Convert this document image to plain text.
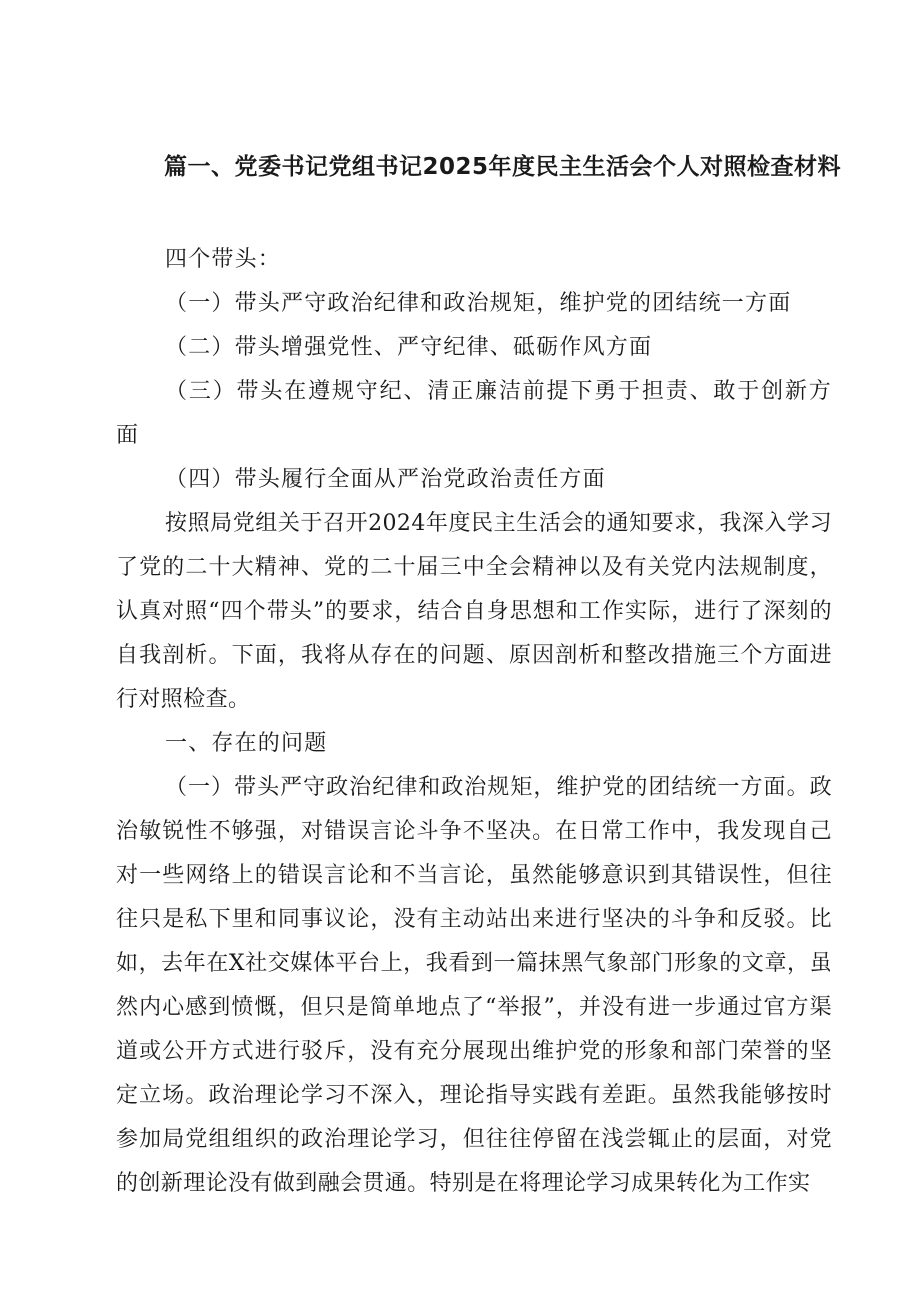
篇一、党委书记党组书记2025年度民主生活会个人对照检查材料

四个带头：

（一）带头严守政治纪律和政治规矩，维护党的团结统一方面

（二）带头增强党性、严守纪律、砥砺作风方面

（三）带头在遵规守纪、清正廉洁前提下勇于担责、敢于创新方面

（四）带头履行全面从严治党政治责任方面

按照局党组关于召开2024年度民主生活会的通知要求，我深入学习了党的二十大精神、党的二十届三中全会精神以及有关党内法规制度，认真对照“四个带头”的要求，结合自身思想和工作实际，进行了深刻的自我剖析。下面，我将从存在的问题、原因剖析和整改措施三个方面进行对照检查。

一、存在的问题

（一）带头严守政治纪律和政治规矩，维护党的团结统一方面。政治敏锐性不够强，对错误言论斗争不坚决。在日常工作中，我发现自己对一些网络上的错误言论和不当言论，虽然能够意识到其错误性，但往往只是私下里和同事议论，没有主动站出来进行坚决的斗争和反驳。比如，去年在X社交媒体平台上，我看到一篇抹黑气象部门形象的文章，虽然内心感到愤慨，但只是简单地点了“举报”，并没有进一步通过官方渠道或公开方式进行驳斥，没有充分展现出维护党的形象和部门荣誉的坚定立场。政治理论学习不深入，理论指导实践有差距。虽然我能够按时参加局党组组织的政治理论学习，但往往停留在浅尝辄止的层面，对党的创新理论没有做到融会贯通。特别是在将理论学习成果转化为工作实
